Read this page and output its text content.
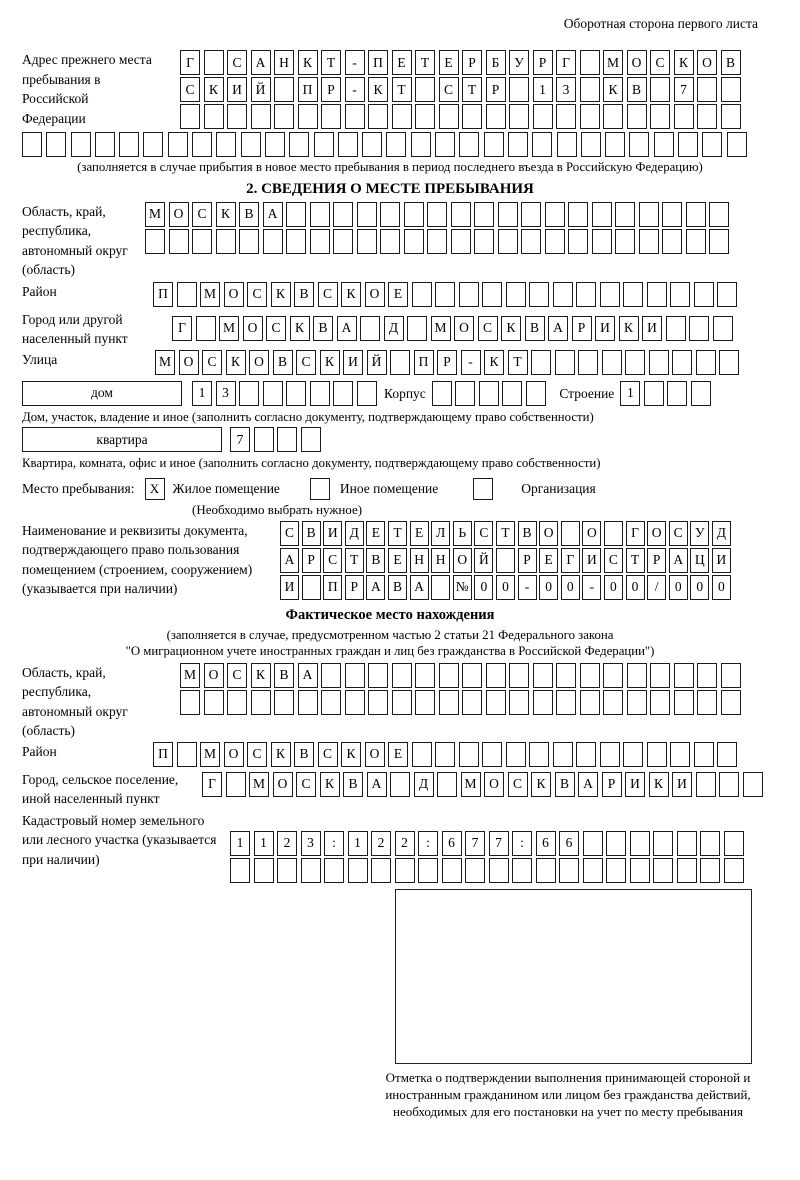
Оборотная сторона первого листа
Адрес прежнего места пребывания в Российской Федерации
Г	С	А	Н	К	Т	-	П	Е	Т	Е	Р	Б	У	Р	Г	М О	С	К	О	В
С	К	И	Й	П	Р	-	К	Т	С	Т	Р	1	3	К	В	7
(заполняется в случае прибытия в новое место пребывания в период последнего въезда в Российскую Федерацию)
2. СВЕДЕНИЯ О МЕСТЕ ПРЕБЫВАНИЯ
Область, край, республика, автономный округ (область)
М О	С	К	В	А
Район	П	М О	С	К	В	С	К	О	Е
Город или другой населенный пункт
Г	М О	С	К	В	А	Д	М О	С	К	В	А	Р	И	К	И
Улица	М О	С	К	О	В	С	К	И	Й	П	Р	-	К	Т
дом	1	3	Корпус	Строение 1
Дом, участок, владение и иное (заполнить согласно документу, подтверждающему право собственности)
квартира	7
Квартира, комната, офис и иное (заполнить согласно документу, подтверждающему право собственности)
Место пребывания:	X Жилое помещение	Иное помещение	Организация
(Необходимо выбрать нужное)
Наименование и реквизиты документа, подтверждающего право пользования помещением (строением, сооружением) (указывается при наличии)
С В И Д Е Т Е Л Ь С Т В О	О	Г О С У Д
А Р С Т В Е Н Н О Й	Р	Е	Г И С Т	Р А Ц И
И	П Р А В А	№ 0	0	-	0	0	-	0	0	/	0	0	0
Фактическое место нахождения
(заполняется в случае, предусмотренном частью 2 статьи 21 Федерального закона
"О миграционном учете иностранных граждан и лиц без гражданства в Российской Федерации")
Область, край, республика, автономный округ (область)
М О	С	К	В	А
Район	П	М О	С	К	В	С	К	О	Е
Город, сельское поселение, иной населенный пункт
Г	М О	С	К	В	А	Д	М О	С	К	В	А	Р	И	К	И
Кадастровый номер земельного или лесного участка (указывается при наличии)
1	1	2	3	:	1	2	2	:	6	7	7	:	6	6
Отметка о подтверждении выполнения принимающей стороной и иностранным гражданином или лицом без гражданства действий, необходимых для его постановки на учет по месту пребывания
